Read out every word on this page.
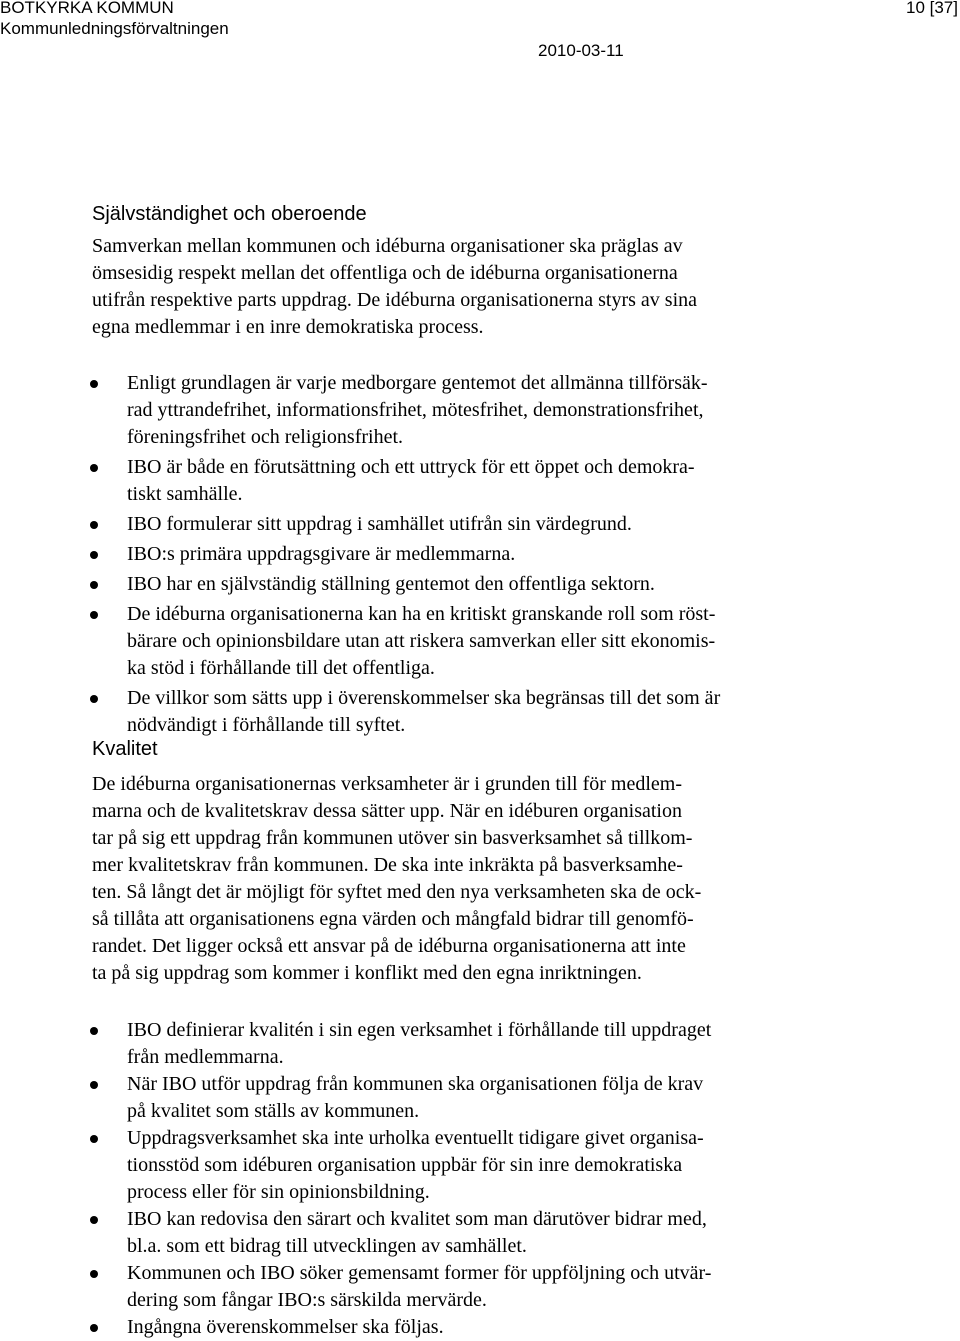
BOTKYRKA KOMMUN
Kommunledningsförvaltningen
2010-03-11
10 [37]
Självständighet och oberoende
Samverkan mellan kommunen och idéburna organisationer ska präglas av
ömsesidig respekt mellan det offentliga och de idéburna organisationerna
utifrån respektive parts uppdrag. De idéburna organisationerna styrs av sina
egna medlemmar i en inre demokratiska process.
Enligt grundlagen är varje medborgare gentemot det allmänna tillförsäk-
rad yttrandefrihet, informationsfrihet, mötesfrihet, demonstrationsfrihet,
föreningsfrihet och religionsfrihet.
IBO är både en förutsättning och ett uttryck för ett öppet och demokra-
tiskt samhälle.
IBO formulerar sitt uppdrag i samhället utifrån sin värdegrund.
IBO:s primära uppdragsgivare är medlemmarna.
IBO har en självständig ställning gentemot den offentliga sektorn.
De idéburna organisationerna kan ha en kritiskt granskande roll som röst-
bärare och opinionsbildare utan att riskera samverkan eller sitt ekonomis-
ka stöd i förhållande till det offentliga.
De villkor som sätts upp i överenskommelser ska begränsas till det som är
nödvändigt i förhållande till syftet.
Kvalitet
De idéburna organisationernas verksamheter är i grunden till för medlem-
marna och de kvalitetskrav dessa sätter upp. När en idéburen organisation
tar på sig ett uppdrag från kommunen utöver sin basverksamhet så tillkom-
mer kvalitetskrav från kommunen. De ska inte inkräkta på basverksamhe-
ten. Så långt det är möjligt för syftet med den nya verksamheten ska de ock-
så tillåta att organisationens egna värden och mångfald bidrar till genomfö-
randet. Det ligger också ett ansvar på de idéburna organisationerna att inte
ta på sig uppdrag som kommer i konflikt med den egna inriktningen.
IBO definierar kvalitén i sin egen verksamhet i förhållande till uppdraget
från medlemmarna.
När IBO utför uppdrag från kommunen ska organisationen följa de krav
på kvalitet som ställs av kommunen.
Uppdragsverksamhet ska inte urholka eventuellt tidigare givet organisa-
tionsstöd som idéburen organisation uppbär för sin inre demokratiska
process eller för sin opinionsbildning.
IBO kan redovisa den särart och kvalitet som man därutöver bidrar med,
bl.a. som ett bidrag till utvecklingen av samhället.
Kommunen och IBO söker gemensamt former för uppföljning och utvär-
dering som fångar IBO:s särskilda mervärde.
Ingångna överenskommelser ska följas.
